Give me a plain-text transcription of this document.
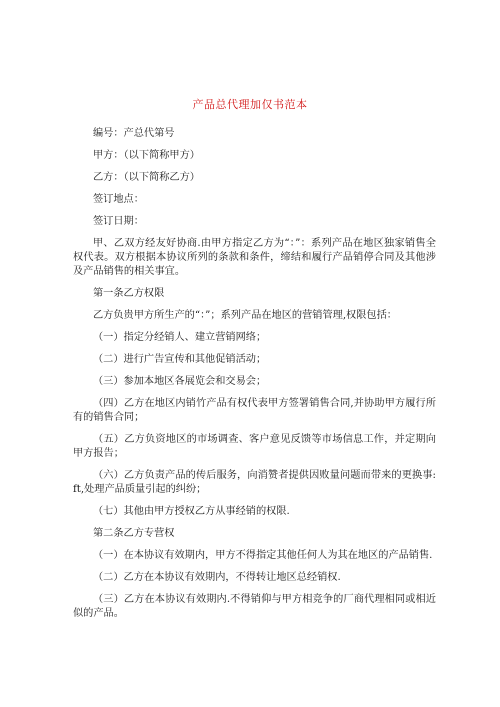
产品总代理加仅书范本

编号：产总代第号

甲方：（以下简称甲方）

乙方：（以下简称乙方）

签订地点：

签订日期：

甲、乙双方经友好协商.由甲方指定乙方为“：”：系列产品在地区独家销售全权代表。双方根据本协议所列的条款和条件，缔结和履行产品销停合同及其他涉及产品销售的相关事宜。

第一条乙方权限

乙方负贵甲方所生产的“：”；系列产品在地区的营销管理,权限包括：

（一）指定分经销人、建立营销网络；

（二）进行广告宣传和其他促销活动；

（三）参加本地区各展览会和交易会；

（四）乙方在地区内销竹产品有权代表甲方签署销售合同,并协助甲方履行所有的销售合同；

（五）乙方负资地区的市场调查、客户意见反馈等市场信息工作，并定期向甲方报告；

（六）乙方负责产品的传后服务，向消赞者提供因败量问题而带来的更换事:ft,处理产品质量引起的纠纷；

（七）其他由甲方授权乙方从事经销的权限.

第二条乙方专营权

（一）在本协议有效期内，甲方不得指定其他任何人为其在地区的产品销售.

（二）乙方在本协议有效期内，不得转让地区总经销权.

（三）乙方在本协议有效期内.不得销仰与甲方相竞争的厂商代理相同或相近似的产品。
